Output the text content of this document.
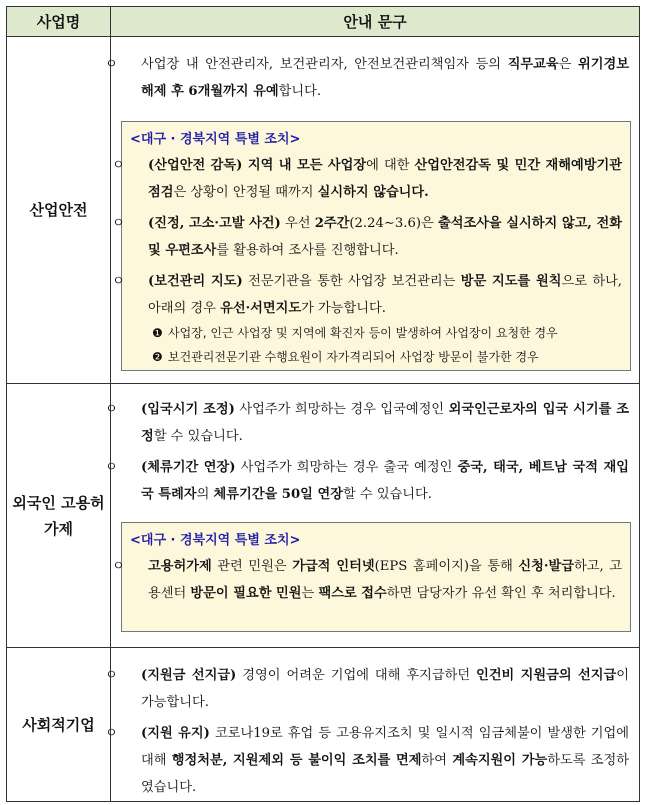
사업명	안내 문구
산업안전
ㅇ 사업장 내 안전관리자, 보건관리자, 안전보건관리책임자 등의 직무교육은 위기경보 해제 후 6개월까지 유예합니다.
<대구 · 경북지역 특별 조치>
ㅇ (산업안전 감독) 지역 내 모든 사업장에 대한 산업안전감독 및 민간 재해예방기관 점검은 상황이 안정될 때까지 실시하지 않습니다.
ㅇ (진정, 고소·고발 사건) 우선 2주간(2.24∼3.6)은 출석조사을 실시하지 않고, 전화 및 우편조사를 활용하여 조사를 진행합니다.
ㅇ (보건관리 지도) 전문기관을 통한 사업장 보건관리는 방문 지도를 원칙으로 하나, 아래의 경우 유선·서면지도가 가능합니다.
❶ 사업장, 인근 사업장 및 지역에 확진자 등이 발생하여 사업장이 요청한 경우
❷ 보건관리전문기관 수행요원이 자가격리되어 사업장 방문이 불가한 경우
외국인 고용허가제
ㅇ (입국시기 조정) 사업주가 희망하는 경우 입국예정인 외국인근로자의 입국 시기를 조정할 수 있습니다.
ㅇ (체류기간 연장) 사업주가 희망하는 경우 출국 예정인 중국, 태국, 베트남 국적 재입국 특례자의 체류기간을 50일 연장할 수 있습니다.
<대구 · 경북지역 특별 조치>
ㅇ 고용허가제 관련 민원은 가급적 인터넷(EPS 홈페이지)을 통해 신청·발급하고, 고용센터 방문이 필요한 민원는 팩스로 접수하면 담당자가 유선 확인 후 처리합니다.
사회적기업
ㅇ (지원금 선지급) 경영이 어려운 기업에 대해 후지급하던 인건비 지원금의 선지급이 가능합니다.
ㅇ (지원 유지) 코로나19로 휴업 등 고용유지조치 및 일시적 임금체불이 발생한 기업에 대해 행정처분, 지원제외 등 불이익 조치를 면제하여 계속지원이 가능하도록 조정하였습니다.
